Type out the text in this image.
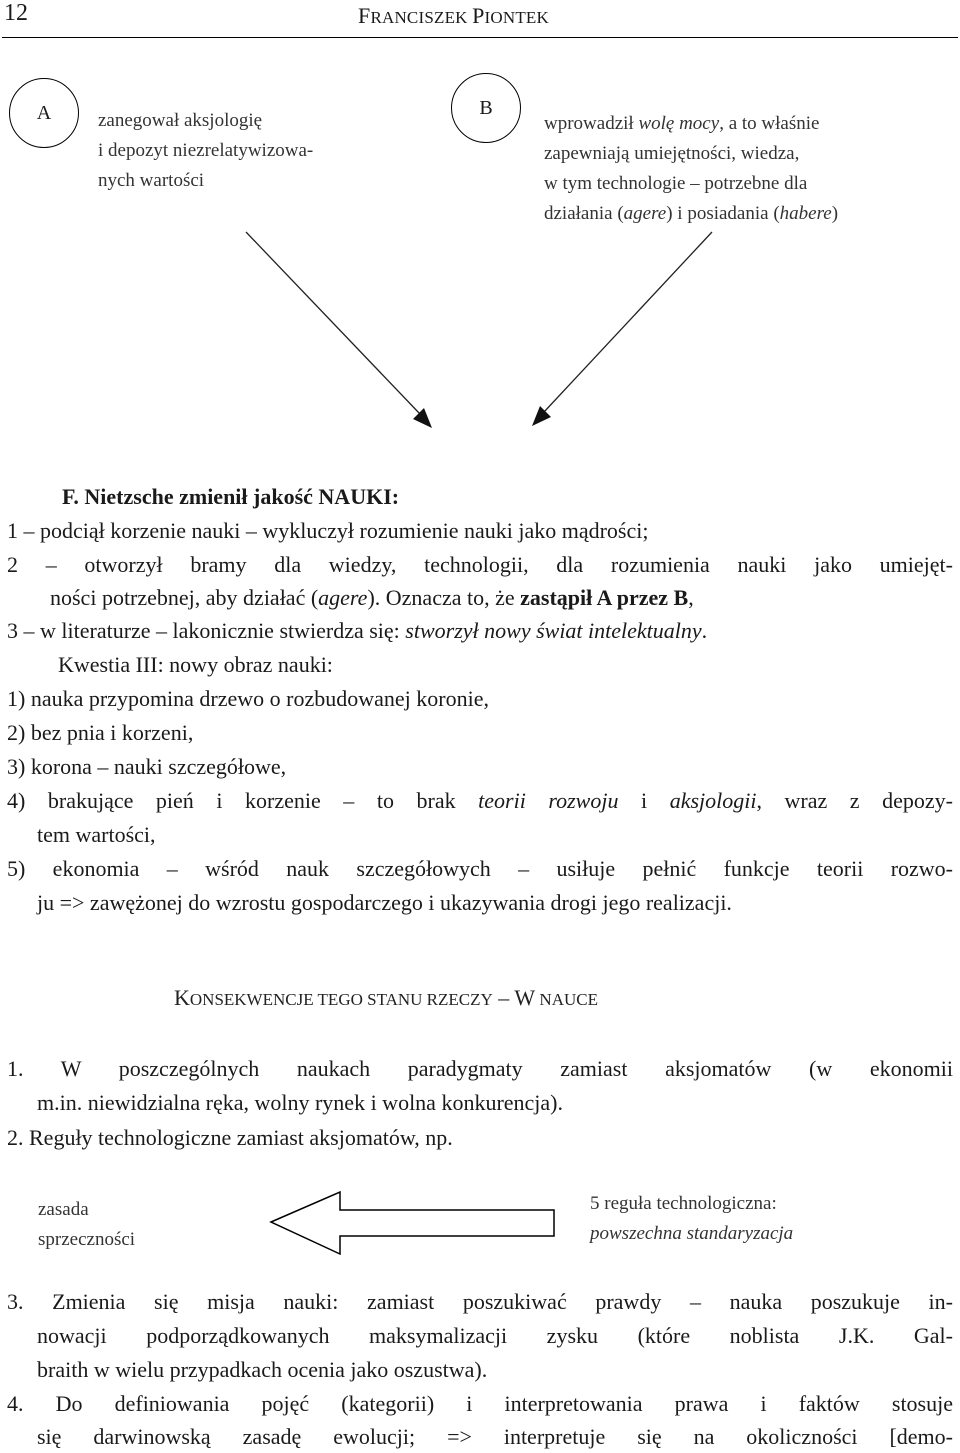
12	FRANCISZEK PIONTEK
A zanegował aksjologię
i depozyt niezrelatywizowa-
nych wartości
B
wprowadził wolę mocy, a to właśnie
zapewniają umiejętności, wiedza,
w tym technologie – potrzebne dla
działania (agere) i posiadania (habere)
F. Nietzsche zmienił jakość NAUKI:
1 – podciął korzenie nauki – wykluczył rozumienie nauki jako mądrości;
2 – otworzył bramy dla wiedzy, technologii, dla rozumienia nauki jako umiejęt-
ności potrzebnej, aby działać (agere). Oznacza to, że zastąpił A przez B,
3 – w literaturze – lakonicznie stwierdza się: stworzył nowy świat intelektualny.
Kwestia III: nowy obraz nauki:
1) nauka przypomina drzewo o rozbudowanej koronie,
2) bez pnia i korzeni,
3) korona – nauki szczegółowe,
4) brakujące pień i korzenie – to brak teorii rozwoju i aksjologii, wraz z depozy-
tem wartości,
5) ekonomia – wśród nauk szczegółowych – usiłuje pełnić funkcje teorii rozwo-
ju => zawężonej do wzrostu gospodarczego i ukazywania drogi jego realizacji.
KONSEKWENCJE TEGO STANU RZECZY – W NAUCE
1. W poszczególnych naukach paradygmaty zamiast aksjomatów (w ekonomii
m.in. niewidzialna ręka, wolny rynek i wolna konkurencja).
2. Reguły technologiczne zamiast aksjomatów, np.
zasada
sprzeczności
5 reguła technologiczna:
powszechna standaryzacja
3. Zmienia się misja nauki: zamiast poszukiwać prawdy – nauka poszukuje in-
nowacji podporządkowanych maksymalizacji zysku (które noblista J.K. Gal-
braith w wielu przypadkach ocenia jako oszustwa).
4. Do definiowania pojęć (kategorii) i interpretowania prawa i faktów stosuje
się darwinowską zasadę ewolucji; => interpretuje się na okoliczności [demo-
